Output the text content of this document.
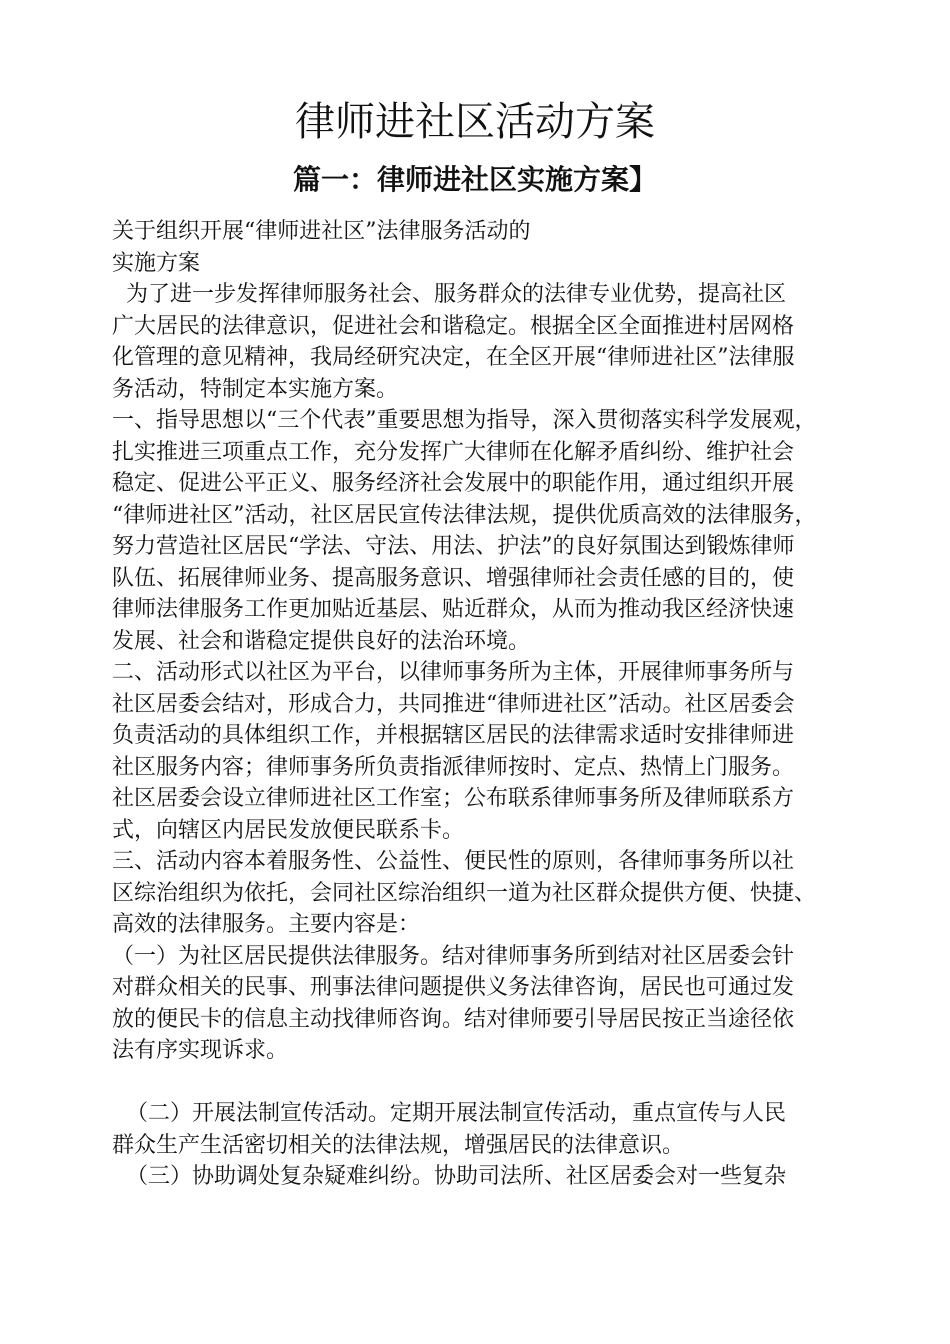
律师进社区活动方案
篇一：律师进社区实施方案】
关于组织开展“律师进社区”法律服务活动的
实施方案
为了进一步发挥律师服务社会、服务群众的法律专业优势，提高社区
广大居民的法律意识，促进社会和谐稳定。根据全区全面推进村居网格
化管理的意见精神，我局经研究决定，在全区开展“律师进社区”法律服
务活动，特制定本实施方案。
一、指导思想以“三个代表”重要思想为指导，深入贯彻落实科学发展观，
扎实推进三项重点工作，充分发挥广大律师在化解矛盾纠纷、维护社会
稳定、促进公平正义、服务经济社会发展中的职能作用，通过组织开展
“律师进社区”活动，社区居民宣传法律法规，提供优质高效的法律服务，
努力营造社区居民“学法、守法、用法、护法”的良好氛围达到锻炼律师
队伍、拓展律师业务、提高服务意识、增强律师社会责任感的目的，使
律师法律服务工作更加贴近基层、贴近群众，从而为推动我区经济快速
发展、社会和谐稳定提供良好的法治环境。
二、活动形式以社区为平台，以律师事务所为主体，开展律师事务所与
社区居委会结对，形成合力，共同推进“律师进社区”活动。社区居委会
负责活动的具体组织工作，并根据辖区居民的法律需求适时安排律师进
社区服务内容；律师事务所负责指派律师按时、定点、热情上门服务。
社区居委会设立律师进社区工作室；公布联系律师事务所及律师联系方
式，向辖区内居民发放便民联系卡。
三、活动内容本着服务性、公益性、便民性的原则，各律师事务所以社
区综治组织为依托，会同社区综治组织一道为社区群众提供方便、快捷、
高效的法律服务。主要内容是：
（一）为社区居民提供法律服务。结对律师事务所到结对社区居委会针
对群众相关的民事、刑事法律问题提供义务法律咨询，居民也可通过发
放的便民卡的信息主动找律师咨询。结对律师要引导居民按正当途径依
法有序实现诉求。
（二）开展法制宣传活动。定期开展法制宣传活动，重点宣传与人民
群众生产生活密切相关的法律法规，增强居民的法律意识。
（三）协助调处复杂疑难纠纷。协助司法所、社区居委会对一些复杂
